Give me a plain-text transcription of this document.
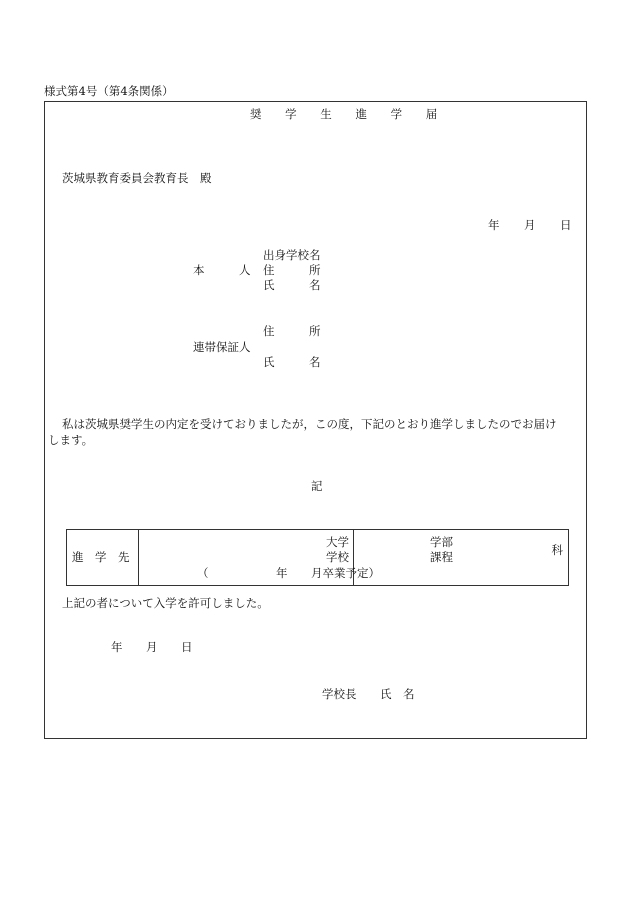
様式第4号（第4条関係）
奨 学 生 進 学 届
茨城県教育委員会教育長　殿
年 月 日
出身学校名
本　　　人 住　　　所
氏　　　名
住　　　所
連帯保証人
氏　　　名
私は茨城県奨学生の内定を受けておりましたが，この度，下記のとおり進学しましたのでお届け
します。
記
進　学　先

大学
学校
（	年 月卒業予定）

学部
課程	科
上記の者について入学を許可しました。
年 月 日
学校長 氏　名
